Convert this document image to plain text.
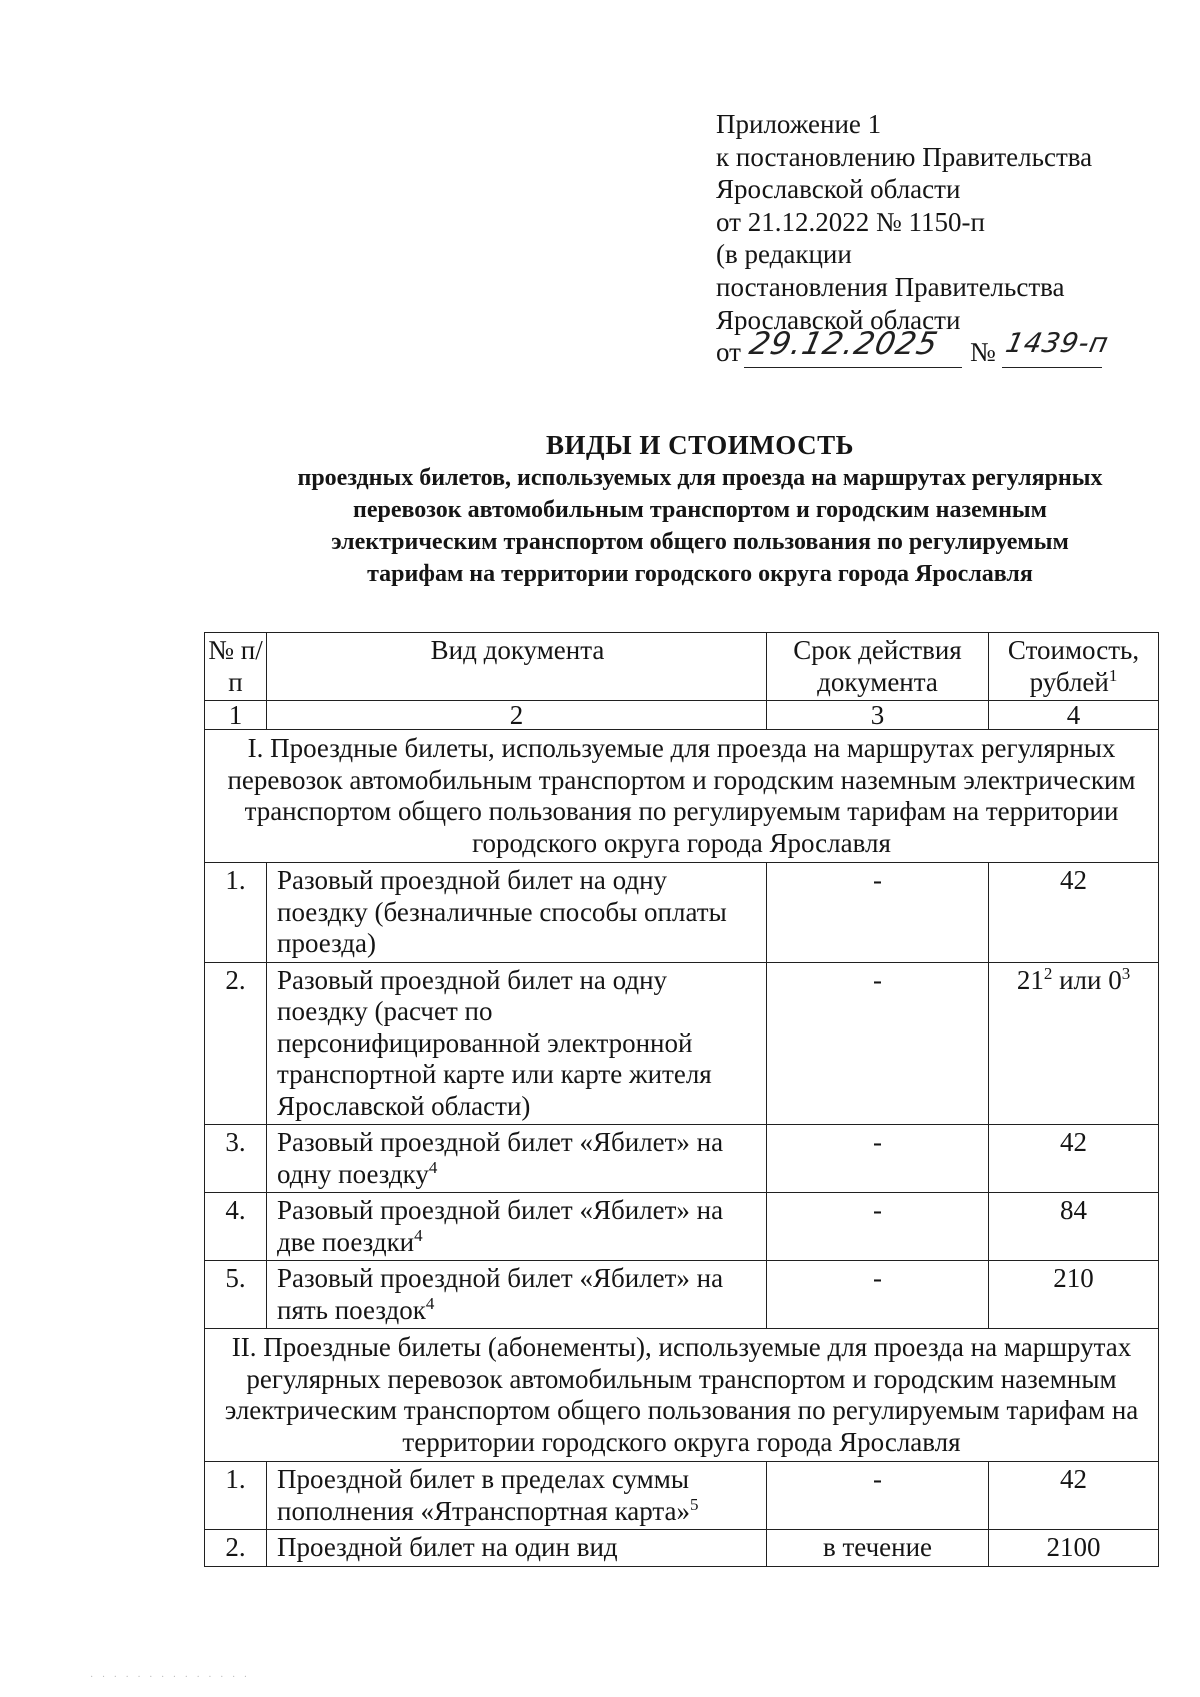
Приложение 1
к постановлению Правительства
Ярославской области
от 21.12.2022 № 1150-п
(в редакции
постановления Правительства
Ярославской области
от 29.12.2025 № 1439-п
ВИДЫ И СТОИМОСТЬ
проездных билетов, используемых для проезда на маршрутах регулярных
перевозок автомобильным транспортом и городским наземным
электрическим транспортом общего пользования по регулируемым
тарифам на территории городского округа города Ярославля
№ п/п	Вид документа	Срок действия документа	Стоимость, рублей$^1$
1	2	3	4
I. Проездные билеты, используемые для проезда на маршрутах регулярных перевозок автомобильным транспортом и городским наземным электрическим транспортом общего пользования по регулируемым тарифам на территории городского округа города Ярославля			
1.	Разовый проездной билет на одну поездку (безналичные способы оплаты проезда)	-	42
2.	Разовый проездной билет на одну поездку (расчет по персонифицированной электронной транспортной карте или карте жителя Ярославской области)	-	$21^2$ или $0^3$
3.	Разовый проездной билет «Ябилет» на одну поездку$^4$	-	42
4.	Разовый проездной билет «Ябилет» на две поездки$^4$	-	84
5.	Разовый проездной билет «Ябилет» на пять поездок$^4$	-	210
II. Проездные билеты (абонементы), используемые для проезда на маршрутах регулярных перевозок автомобильным транспортом и городским наземным электрическим транспортом общего пользования по регулируемым тарифам на территории городского округа города Ярославля			
1.	Проездной билет в пределах суммы пополнения «Ятранспортная карта»$^5$	-	42
2.	Проездной билет на один вид	в течение	2100
· · · · · · · · · · · · · ·
